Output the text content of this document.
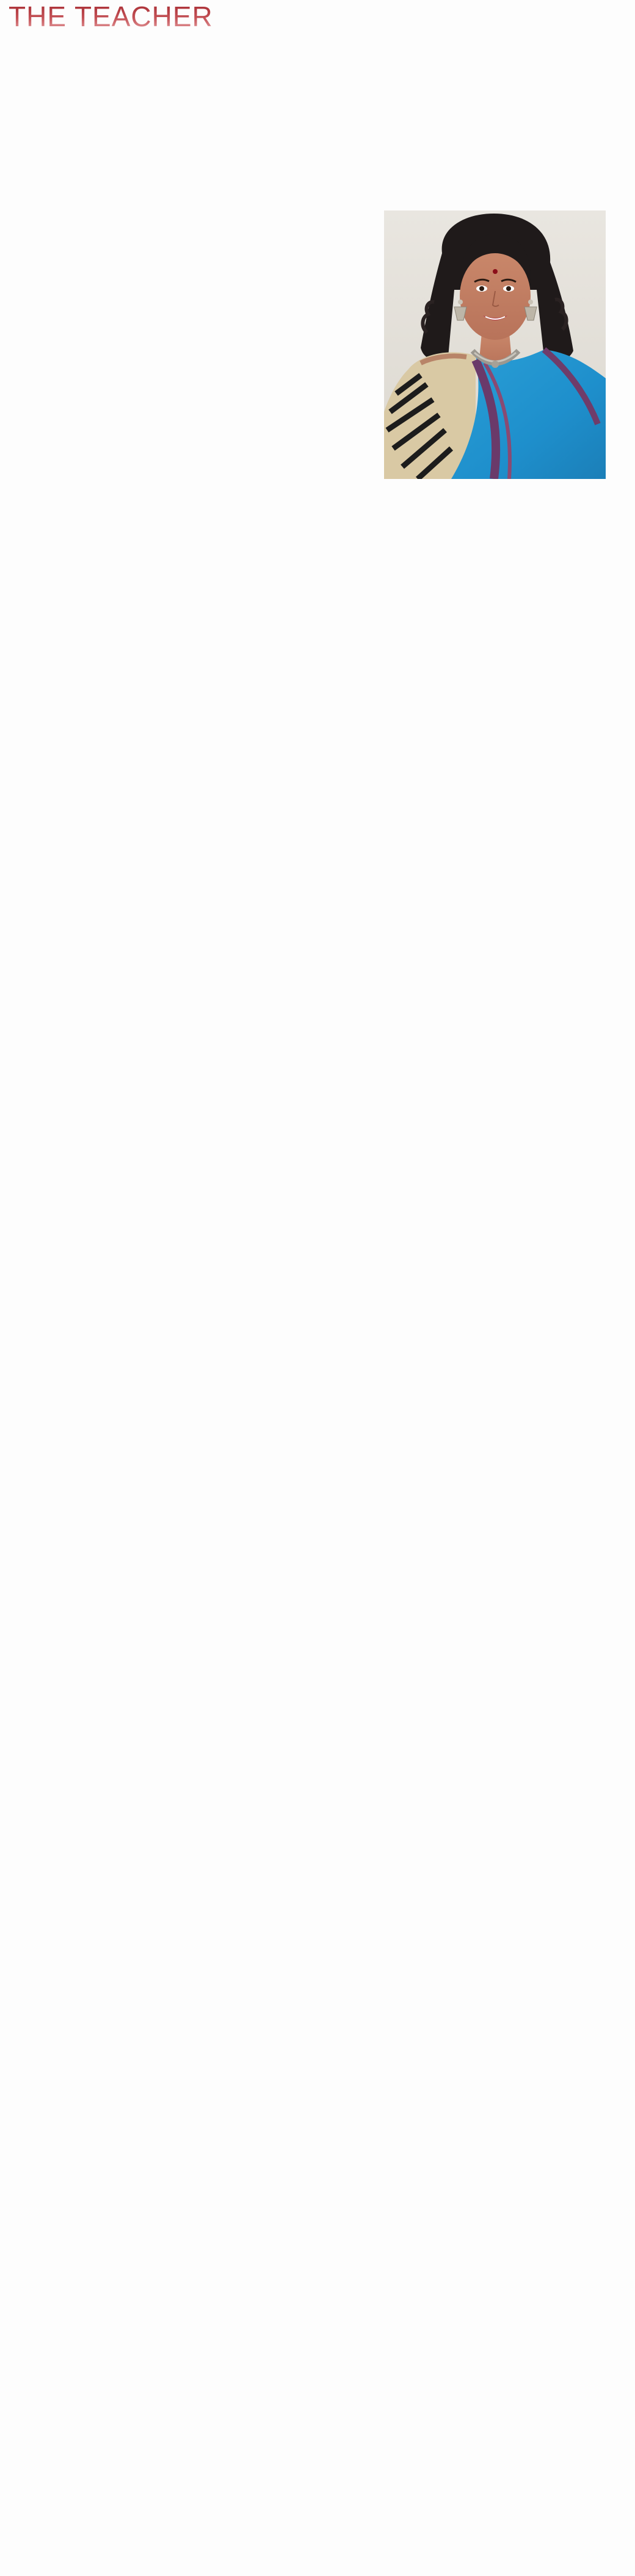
THE TEACHER
